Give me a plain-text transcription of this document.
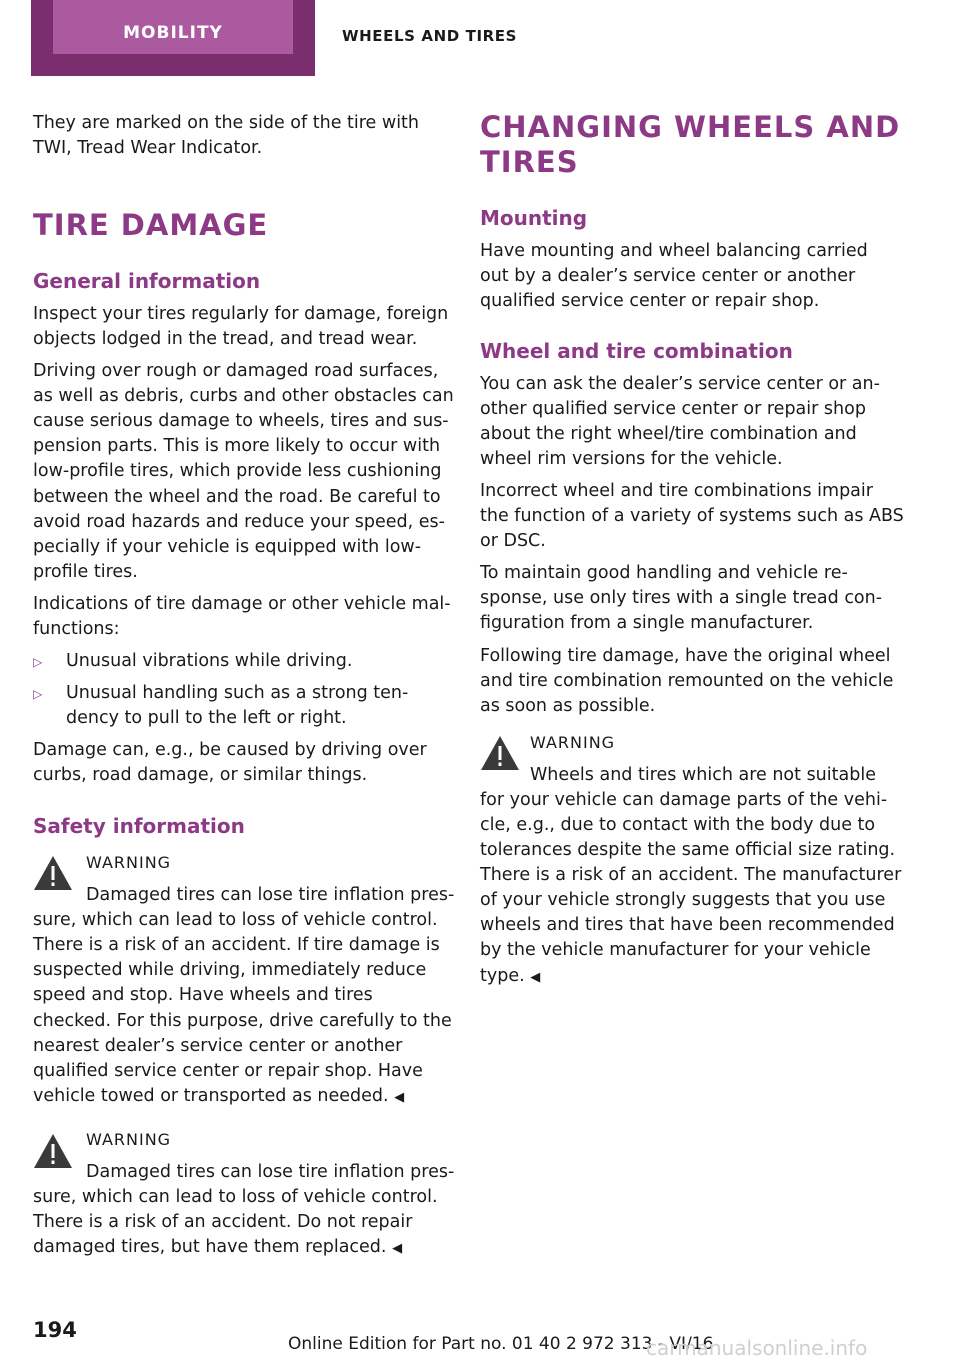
MOBILITY	WHEELS AND TIRES
They are marked on the side of the tire with
TWI, Tread Wear Indicator.
TIRE DAMAGE
General information
Inspect your tires regularly for damage, foreign
objects lodged in the tread, and tread wear.
Driving over rough or damaged road surfaces,
as well as debris, curbs and other obstacles can
cause serious damage to wheels, tires and sus-
pension parts. This is more likely to occur with
low-profile tires, which provide less cushioning
between the wheel and the road. Be careful to
avoid road hazards and reduce your speed, es-
pecially if your vehicle is equipped with low-
profile tires.
Indications of tire damage or other vehicle mal-
functions:
▷ Unusual vibrations while driving.
▷ Unusual handling such as a strong ten-
dency to pull to the left or right.
Damage can, e.g., be caused by driving over
curbs, road damage, or similar things.
Safety information
WARNING
Damaged tires can lose tire inflation pres-
sure, which can lead to loss of vehicle control.
There is a risk of an accident. If tire damage is
suspected while driving, immediately reduce
speed and stop. Have wheels and tires
checked. For this purpose, drive carefully to the
nearest dealer’s service center or another
qualified service center or repair shop. Have
vehicle towed or transported as needed. ◀
WARNING
Damaged tires can lose tire inflation pres-
sure, which can lead to loss of vehicle control.
There is a risk of an accident. Do not repair
damaged tires, but have them replaced. ◀
CHANGING WHEELS AND
TIRES
Mounting
Have mounting and wheel balancing carried
out by a dealer’s service center or another
qualified service center or repair shop.
Wheel and tire combination
You can ask the dealer’s service center or an-
other qualified service center or repair shop
about the right wheel/tire combination and
wheel rim versions for the vehicle.
Incorrect wheel and tire combinations impair
the function of a variety of systems such as ABS
or DSC.
To maintain good handling and vehicle re-
sponse, use only tires with a single tread con-
figuration from a single manufacturer.
Following tire damage, have the original wheel
and tire combination remounted on the vehicle
as soon as possible.
WARNING
Wheels and tires which are not suitable
for your vehicle can damage parts of the vehi-
cle, e.g., due to contact with the body due to
tolerances despite the same official size rating.
There is a risk of an accident. The manufacturer
of your vehicle strongly suggests that you use
wheels and tires that have been recommended
by the vehicle manufacturer for your vehicle
type. ◀
194
Online Edition for Part no. 01 40 2 972 313 - VI/16
carmanualsonline.info
